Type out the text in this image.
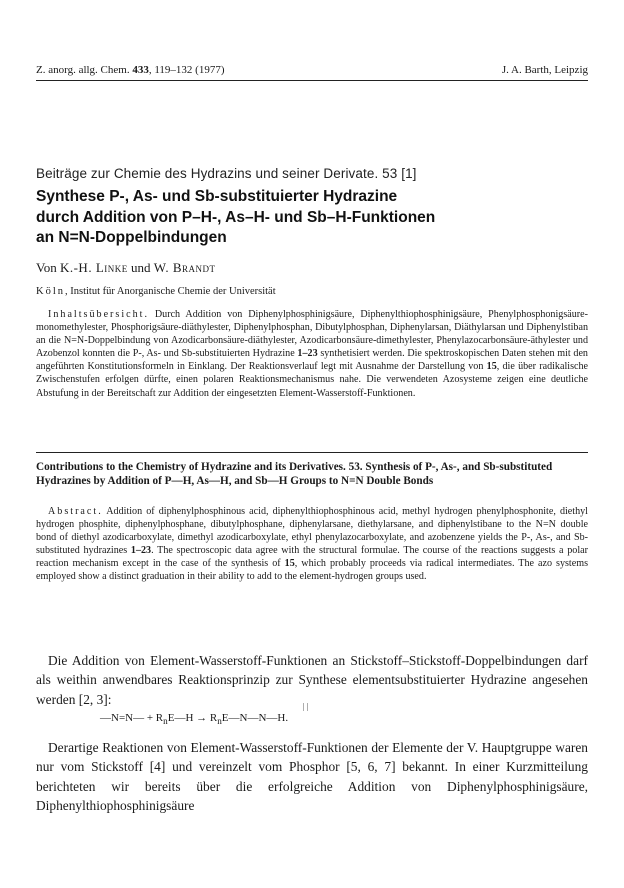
Z. anorg. allg. Chem. 433, 119–132 (1977)	J. A. Barth, Leipzig
Beiträge zur Chemie des Hydrazins und seiner Derivate. 53 [1]
Synthese P-, As- und Sb-substituierter Hydrazine
durch Addition von P–H-, As–H- und Sb–H-Funktionen
an N=N-Doppelbindungen
Von K.-H. Linke und W. Brandt
Köln, Institut für Anorganische Chemie der Universität

Inhaltsübersicht. Durch Addition von Diphenylphosphinigsäure, Diphenylthiophosphinigsäure, Phenylphosphonigsäure-monomethylester, Phosphorigsäure-diäthylester, Diphenylphosphan, Dibutylphosphan, Diphenylarsan, Diäthylarsan und Diphenylstiban an die N=N-Doppelbindung von Azodicarbonsäure-diäthylester, Azodicarbonsäure-dimethylester, Phenylazocarbonsäure-äthylester und Azobenzol konnten die P-, As- und Sb-substituierten Hydrazine 1–23 synthetisiert werden. Die spektroskopischen Daten stehen mit den angeführten Konstitutionsformeln in Einklang. Der Reaktionsverlauf legt mit Ausnahme der Darstellung von 15, die über radikalische Zwischenstufen erfolgen dürfte, einen polaren Reaktionsmechanismus nahe. Die verwendeten Azosysteme zeigen eine deutliche Abstufung in der Bereitschaft zur Addition der eingesetzten Element-Wasserstoff-Funktionen.

Contributions to the Chemistry of Hydrazine and its Derivatives. 53. Synthesis of P-, As-, and Sb-substituted Hydrazines by Addition of P—H, As—H, and Sb—H Groups to N=N Double Bonds

Abstract. Addition of diphenylphosphinous acid, diphenylthiophosphinous acid, methyl hydrogen phenylphosphonite, diethyl hydrogen phosphite, diphenylphosphane, dibutylphosphane, diphenylarsane, diethylarsane, and diphenylstibane to the N=N double bond of diethyl azodicarboxylate, dimethyl azodicarboxylate, ethyl phenylazocarboxylate, and azobenzene yields the P-, As-, and Sb- substituted hydrazines 1–23. The spectroscopic data agree with the structural formulae. The course of the reactions suggests a polar reaction mechanism except in the case of the synthesis of 15, which probably proceeds via radical intermediates. The azo systems employed show a distinct graduation in their ability to add to the element-hydrogen groups used.

Die Addition von Element-Wasserstoff-Funktionen an Stickstoff–Stickstoff-Doppelbindungen darf als weithin anwendbares Reaktionsprinzip zur Synthese elementsubstituierter Hydrazine angesehen werden [2, 3]:	| |
—N=N— + $R_nE—H$ → $R_nE—N—N—H$.

Derartige Reaktionen von Element-Wasserstoff-Funktionen der Elemente der V. Hauptgruppe waren nur vom Stickstoff [4] und vereinzelt vom Phosphor [5, 6, 7] bekannt. In einer Kurzmitteilung berichteten wir bereits über die erfolgreiche Addition von Diphenylphosphinigsäure, Diphenylthiophosphinigsäure
